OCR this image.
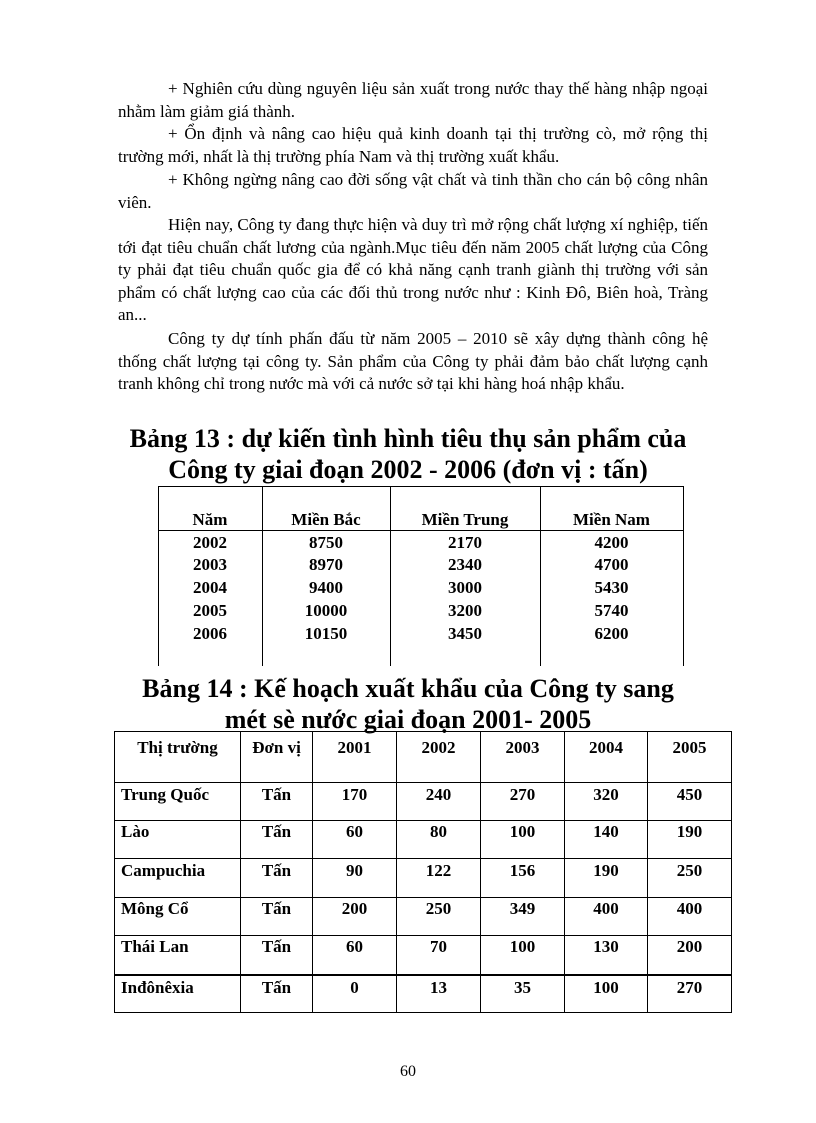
+ Nghiên cứu dùng nguyên liệu sản xuất trong nước thay thế hàng nhập ngoại nhằm làm giảm giá thành.

+ Ổn định và nâng cao hiệu quả kinh doanh tại thị trường cò, mở rộng thị trường mới, nhất là thị trường phía Nam và thị trường xuất khẩu.

+ Không ngừng nâng cao đời sống vật chất và tinh thần cho cán bộ công nhân viên.

Hiện nay, Công ty đang thực hiện và duy trì mở rộng chất lượng xí nghiệp, tiến tới đạt tiêu chuẩn chất lương của ngành.Mục tiêu đến năm 2005 chất lượng của Công ty phải đạt tiêu chuẩn quốc gia để có khả năng cạnh tranh giành thị trường với sản phẩm có chất lượng cao của các đối thủ trong nước như : Kinh Đô, Biên hoà, Tràng an...

Công ty dự tính phấn đấu từ năm 2005 – 2010 sẽ xây dựng thành công hệ thống chất lượng tại công ty. Sản phẩm của Công ty phải đảm bảo chất lượng cạnh tranh không chỉ trong nước mà với cả nước sở tại khi hàng hoá nhập khẩu.

Bảng 13 : dự kiến tình hình tiêu thụ sản phẩm của
Công ty giai đoạn 2002 - 2006 (đơn vị : tấn)
Năm	Miền Bắc	Miền Trung	Miền Nam
2002	8750	2170	4200
2003	8970	2340	4700
2004	9400	3000	5430
2005	10000	3200	5740
2006	10150	3450	6200
Bảng 14 : Kế hoạch xuất khẩu của Công ty sang
mét sè nước giai đoạn 2001- 2005
Thị trường	Đơn vị	2001	2002	2003	2004	2005
Trung Quốc	Tấn	170	240	270	320	450
Lào	Tấn	60	80	100	140	190
Campuchia	Tấn	90	122	156	190	250
Mông Cổ	Tấn	200	250	349	400	400
Thái Lan	Tấn	60	70	100	130	200
Inđônêxia	Tấn	0	13	35	100	270
60
